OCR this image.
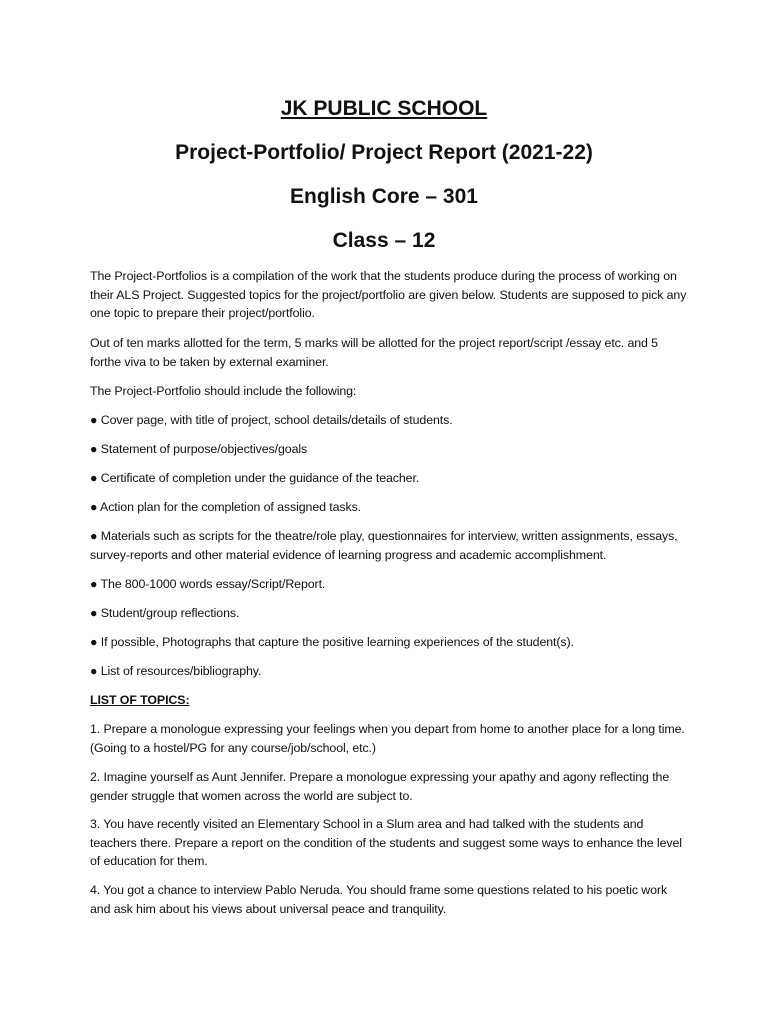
JK PUBLIC SCHOOL
Project-Portfolio/ Project Report (2021-22)
English Core – 301
Class – 12

The Project-Portfolios is a compilation of the work that the students produce during the process of working on their ALS Project. Suggested topics for the project/portfolio are given below. Students are supposed to pick any one topic to prepare their project/portfolio.

Out of ten marks allotted for the term, 5 marks will be allotted for the project report/script /essay etc. and 5 forthe viva to be taken by external examiner.

The Project-Portfolio should include the following:

● Cover page, with title of project, school details/details of students.

● Statement of purpose/objectives/goals

● Certificate of completion under the guidance of the teacher.

● Action plan for the completion of assigned tasks.

● Materials such as scripts for the theatre/role play, questionnaires for interview, written assignments, essays, survey-reports and other material evidence of learning progress and academic accomplishment.

● The 800-1000 words essay/Script/Report.

● Student/group reflections.

● If possible, Photographs that capture the positive learning experiences of the student(s).

● List of resources/bibliography.

LIST OF TOPICS:

1. Prepare a monologue expressing your feelings when you depart from home to another place for a long time. (Going to a hostel/PG for any course/job/school, etc.)

2. Imagine yourself as Aunt Jennifer. Prepare a monologue expressing your apathy and agony reflecting the gender struggle that women across the world are subject to.

3. You have recently visited an Elementary School in a Slum area and had talked with the students and teachers there. Prepare a report on the condition of the students and suggest some ways to enhance the level of education for them.

4. You got a chance to interview Pablo Neruda. You should frame some questions related to his poetic work and ask him about his views about universal peace and tranquility.
